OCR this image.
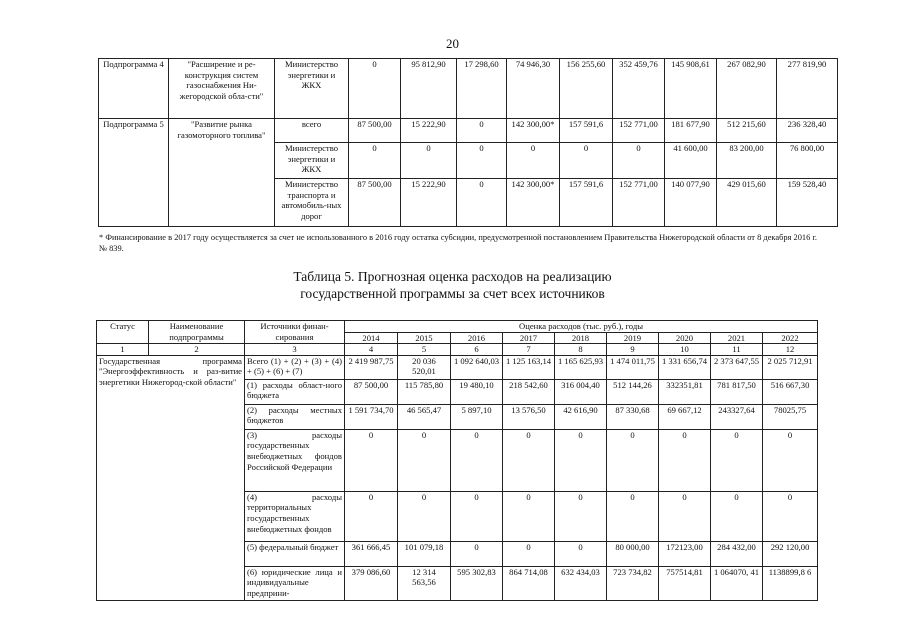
20
Подпрограмма 4	"Расширение и ре-конструкция систем газоснабжения Ни-жегородской обла-сти"	Министерство энергетики и ЖКХ	0	95 812,90	17 298,60	74 946,30	156 255,60	352 459,76	145 908,61	267 082,90	277 819,90
Подпрограмма 5	"Развитие рынка газомоторного топлива"	всего	87 500,00	15 222,90	0	142 300,00*	157 591,6	152 771,00	181 677,90	512 215,60	236 328,40
		Министерство энергетики и ЖКХ	0	0	0	0	0	0	41 600,00	83 200,00	76 800,00
		Министерство транспорта и автомобиль-ных дорог	87 500,00	15 222,90	0	142 300,00*	157 591,6	152 771,00	140 077,90	429 015,60	159 528,40
* Финансирование в 2017 году осуществляется за счет не использованного в 2016 году остатка субсидии, предусмотренной постановлением Правительства Нижегородской области от 8 декабря 2016 г. № 839.
Таблица 5. Прогнозная оценка расходов на реализацию
государственной программы за счет всех источников
Статус	Наименование подпрограммы	Источники финан-сирования	Оценка расходов (тыс. руб.), годы								
			2014	2015	2016	2017	2018	2019	2020	2021	2022
1	2	3	4	5	6	7	8	9	10	11	12
Государственная программа "Энергоэффективность и раз-витие энергетики Нижегород-ской области"		Всего (1) + (2) + (3) + (4) + (5) + (6) + (7)	2 419 987,75	20 036 520,01	1 092 640,03	1 125 163,14	1 165 625,93	1 474 011,75	1 331 656,74	2 373 647,55	2 025 712,91
		(1) расходы област-ного бюджета	87 500,00	115 785,80	19 480,10	218 542,60	316 004,40	512 144,26	332351,81	781 817,50	516 667,30
		(2) расходы местных бюджетов	1 591 734,70	46 565,47	5 897,10	13 576,50	42 616,90	87 330,68	69 667,12	243327,64	78025,75
		(3) расходы государственных внебюджетных фондов Российской Федерации	0	0	0	0	0	0	0	0	0
		(4) расходы территориальных государственных внебюджетных фондов	0	0	0	0	0	0	0	0	0
		(5) федеральный бюджет	361 666,45	101 079,18	0	0	0	80 000,00	172123,00	284 432,00	292 120,00
		(6) юридические лица и индивидуальные предприни-	379 086,60	12 314 563,56	595 302,83	864 714,08	632 434,03	723 734,82	757514,81	1 064070, 41	1138899,8 6
